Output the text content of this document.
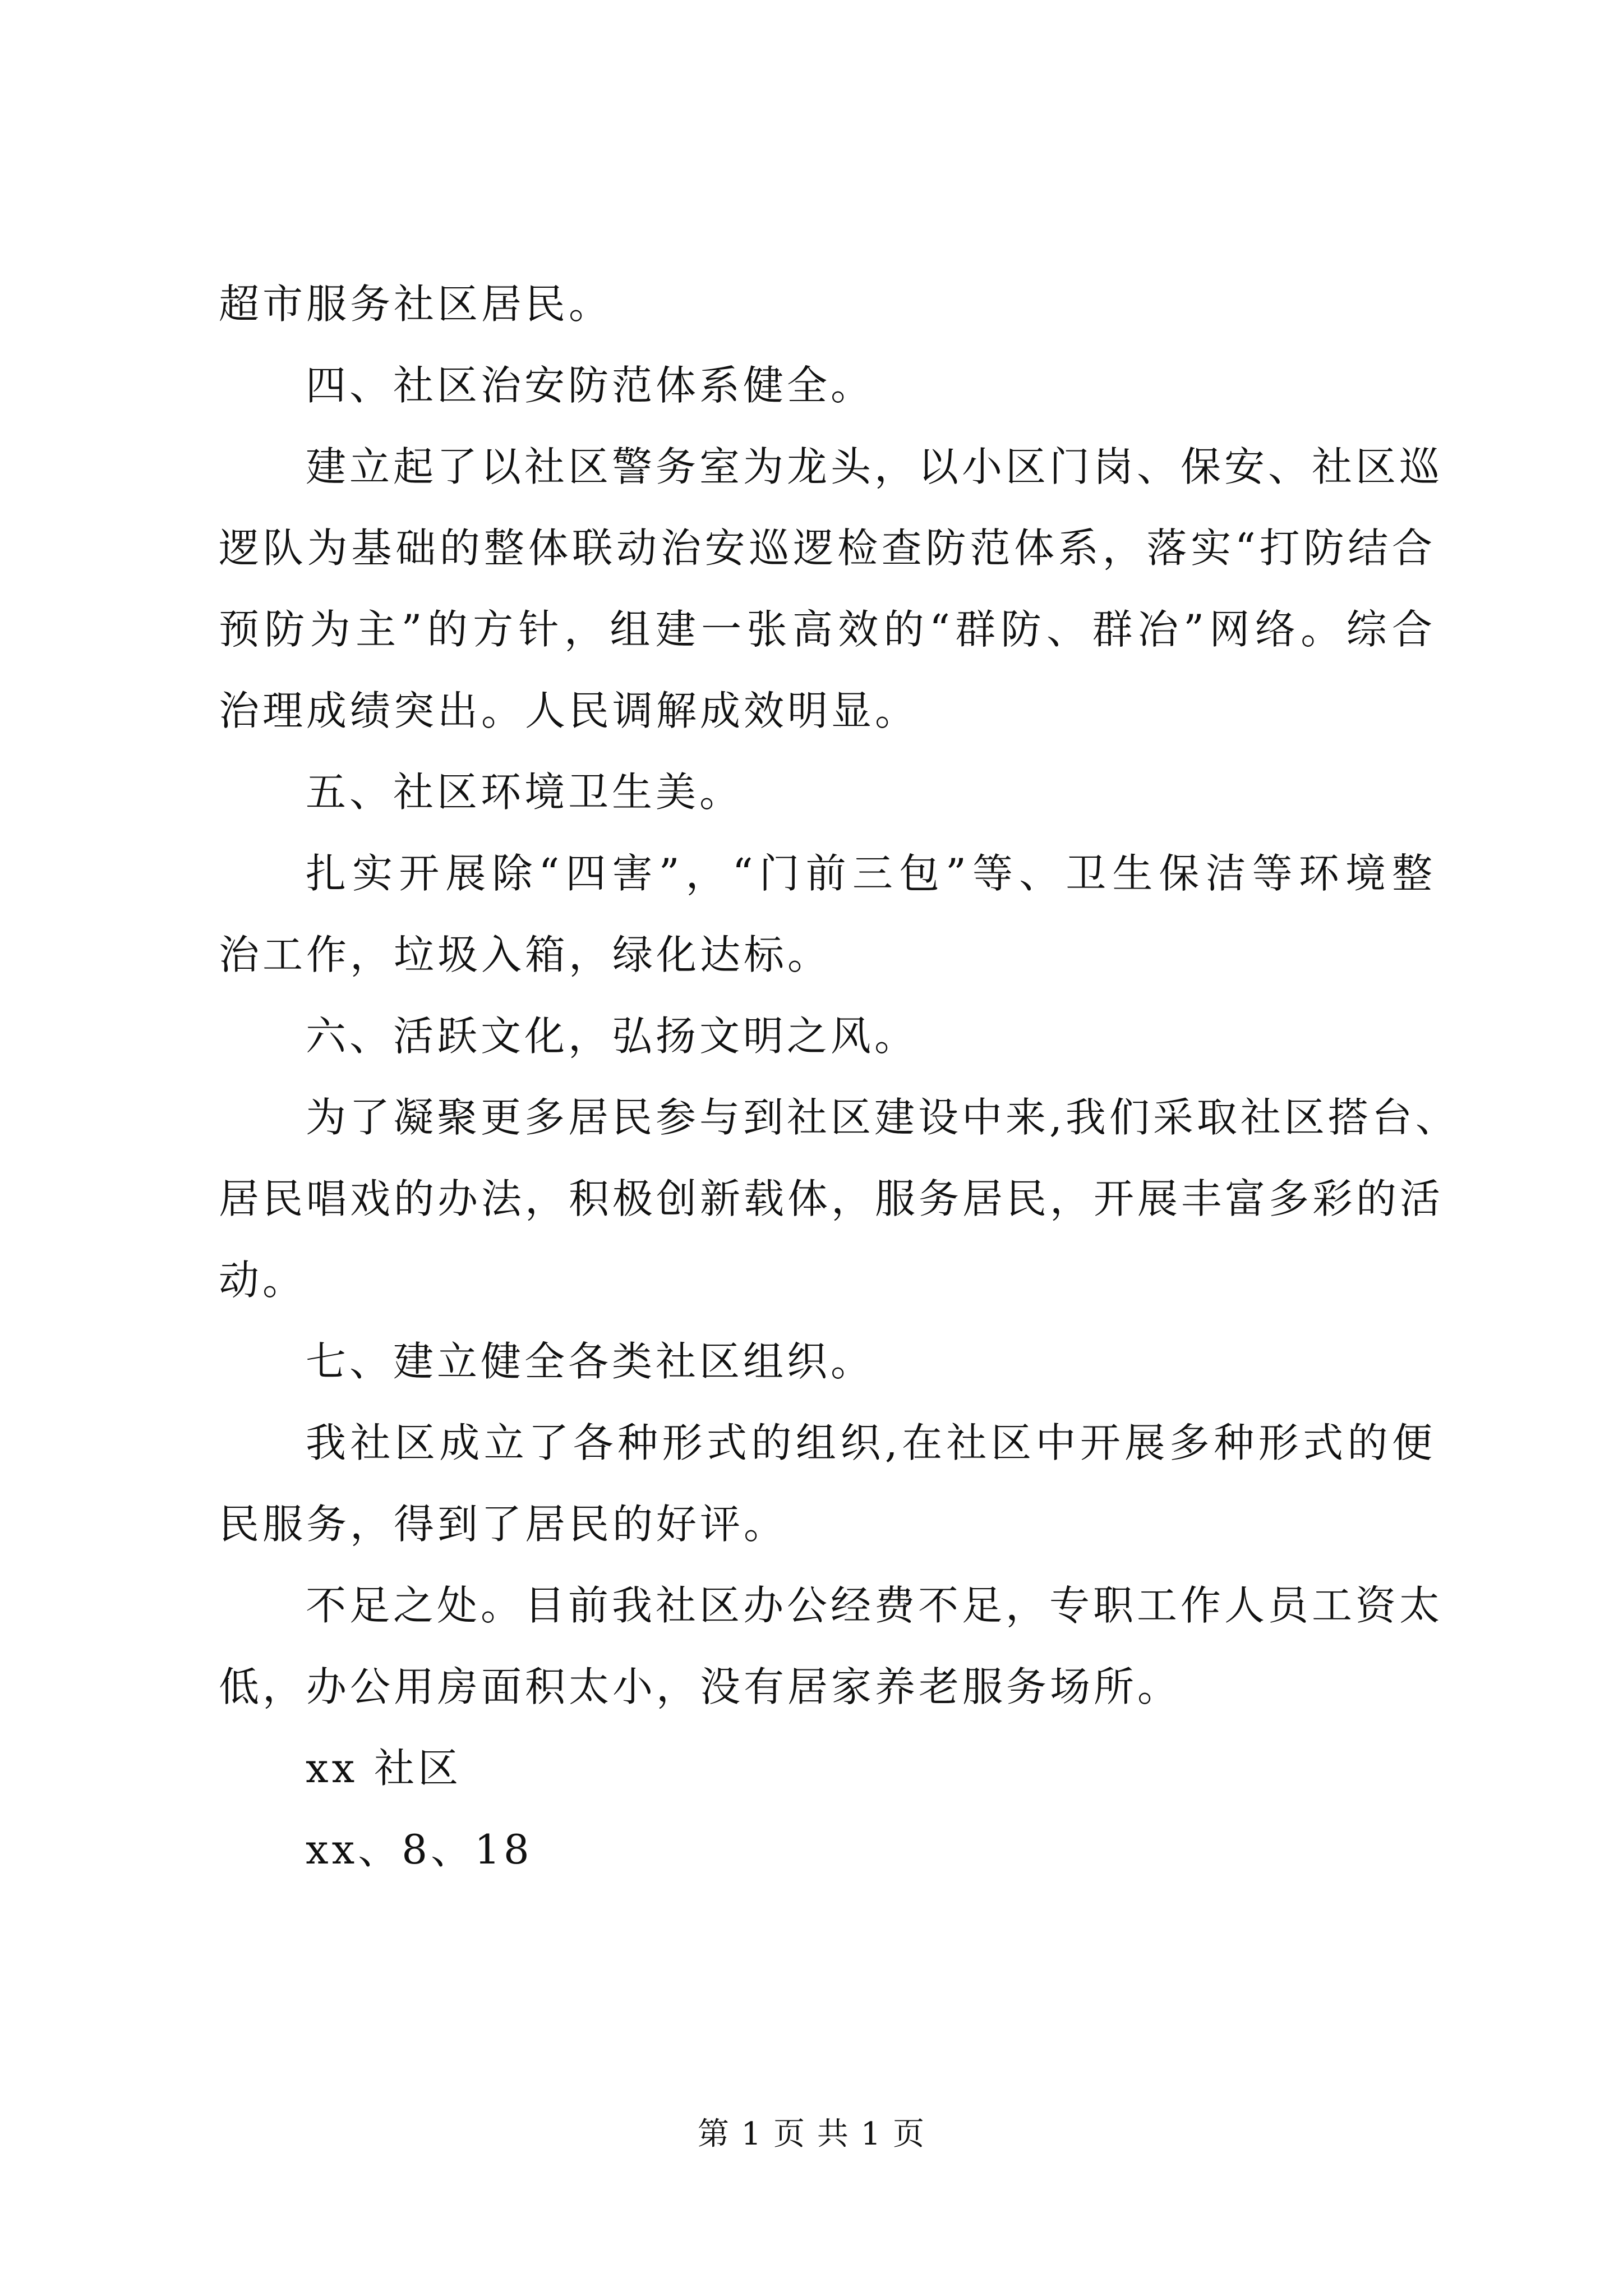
超市服务社区居民。
四、社区治安防范体系健全。
建立起了以社区警务室为龙头，以小区门岗、保安、社区巡
逻队为基础的整体联动治安巡逻检查防范体系，落实“打防结合
预防为主”的方针，组建一张高效的“群防、群冶”网络。综合
治理成绩突出。人民调解成效明显。
五、社区环境卫生美。
扎实开展除“四害”，“门前三包”等、卫生保洁等环境整
治工作，垃圾入箱，绿化达标。
六、活跃文化，弘扬文明之风。
为了凝聚更多居民参与到社区建设中来,我们采取社区搭台、
居民唱戏的办法，积极创新载体，服务居民，开展丰富多彩的活
动。
七、建立健全各类社区组织。
我社区成立了各种形式的组织,在社区中开展多种形式的便
民服务，得到了居民的好评。
不足之处。目前我社区办公经费不足，专职工作人员工资太
低，办公用房面积太小，没有居家养老服务场所。
xx 社区
xx、8、18
第 1 页 共 1 页
